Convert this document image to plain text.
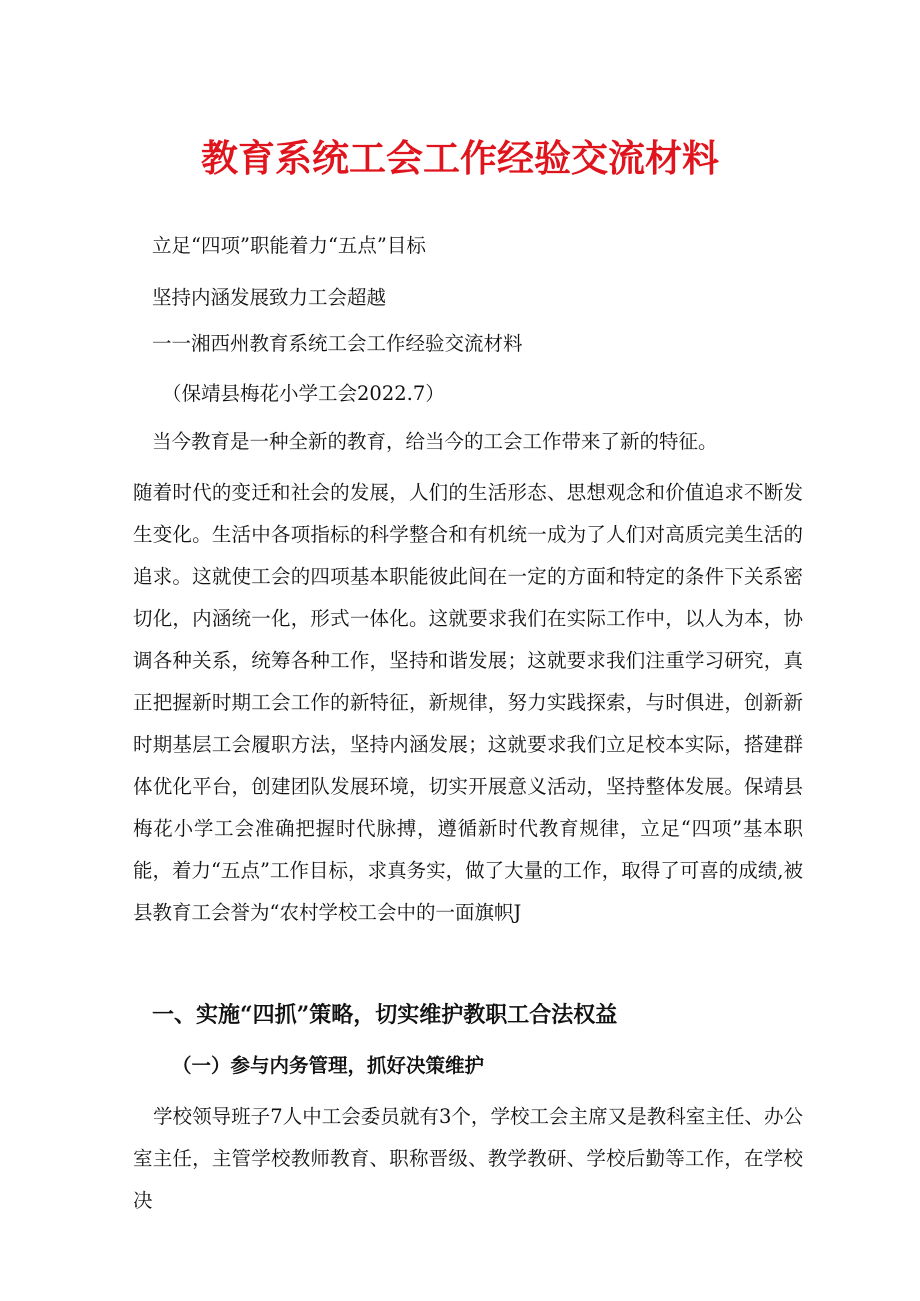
教育系统工会工作经验交流材料

立足“四项”职能着力“五点”目标

坚持内涵发展致力工会超越

一一湘西州教育系统工会工作经验交流材料

（保靖县梅花小学工会2022.7）

当今教育是一种全新的教育，给当今的工会工作带来了新的特征。

随着时代的变迁和社会的发展，人们的生活形态、思想观念和价值追求不断发生变化。生活中各项指标的科学整合和有机统一成为了人们对高质完美生活的追求。这就使工会的四项基本职能彼此间在一定的方面和特定的条件下关系密切化，内涵统一化，形式一体化。这就要求我们在实际工作中，以人为本，协调各种关系，统筹各种工作，坚持和谐发展；这就要求我们注重学习研究，真正把握新时期工会工作的新特征，新规律，努力实践探索，与时俱进，创新新时期基层工会履职方法，坚持内涵发展；这就要求我们立足校本实际，搭建群体优化平台，创建团队发展环境，切实开展意义活动，坚持整体发展。保靖县梅花小学工会准确把握时代脉搏，遵循新时代教育规律，立足“四项”基本职能，着力“五点”工作目标，求真务实，做了大量的工作，取得了可喜的成绩,被县教育工会誉为“农村学校工会中的一面旗帜J

一、实施“四抓”策略，切实维护教职工合法权益
（一）参与内务管理，抓好决策维护

学校领导班子7人中工会委员就有3个，学校工会主席又是教科室主任、办公室主任，主管学校教师教育、职称晋级、教学教研、学校后勤等工作，在学校决
